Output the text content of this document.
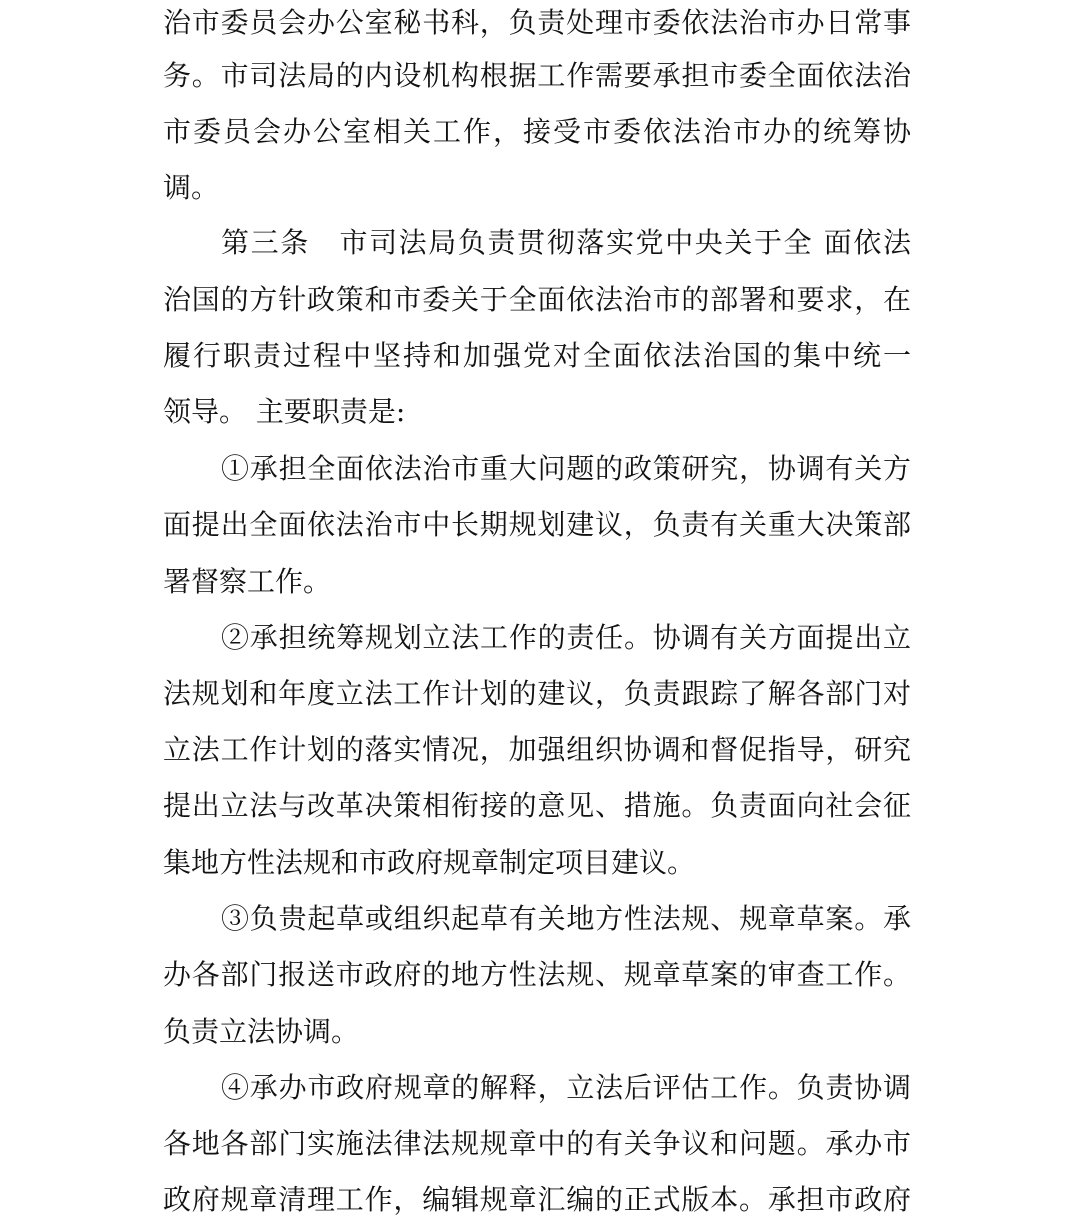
治市委员会办公室秘书科，负责处理市委依法治市办日常事
务。市司法局的内设机构根据工作需要承担市委全面依法治
市委员会办公室相关工作，接受市委依法治市办的统筹协
调。
第三条　市司法局负责贯彻落实党中央关于全 面依法
治国的方针政策和市委关于全面依法治市的部署和要求，在
履行职责过程中坚持和加强党对全面依法治国的集中统一
领导。 主要职责是:
①承担全面依法治市重大问题的政策研究，协调有关方
面提出全面依法治市中长期规划建议，负责有关重大决策部
署督察工作。
②承担统筹规划立法工作的责任。协调有关方面提出立
法规划和年度立法工作计划的建议，负责跟踪了解各部门对
立法工作计划的落实情况，加强组织协调和督促指导，研究
提出立法与改革决策相衔接的意见、措施。负责面向社会征
集地方性法规和市政府规章制定项目建议。
③负贵起草或组织起草有关地方性法规、规章草案。承
办各部门报送市政府的地方性法规、规章草案的审查工作。
负责立法协调。
④承办市政府规章的解释，立法后评估工作。负责协调
各地各部门实施法律法规规章中的有关争议和问题。承办市
政府规章清理工作，编辑规章汇编的正式版本。承担市政府
